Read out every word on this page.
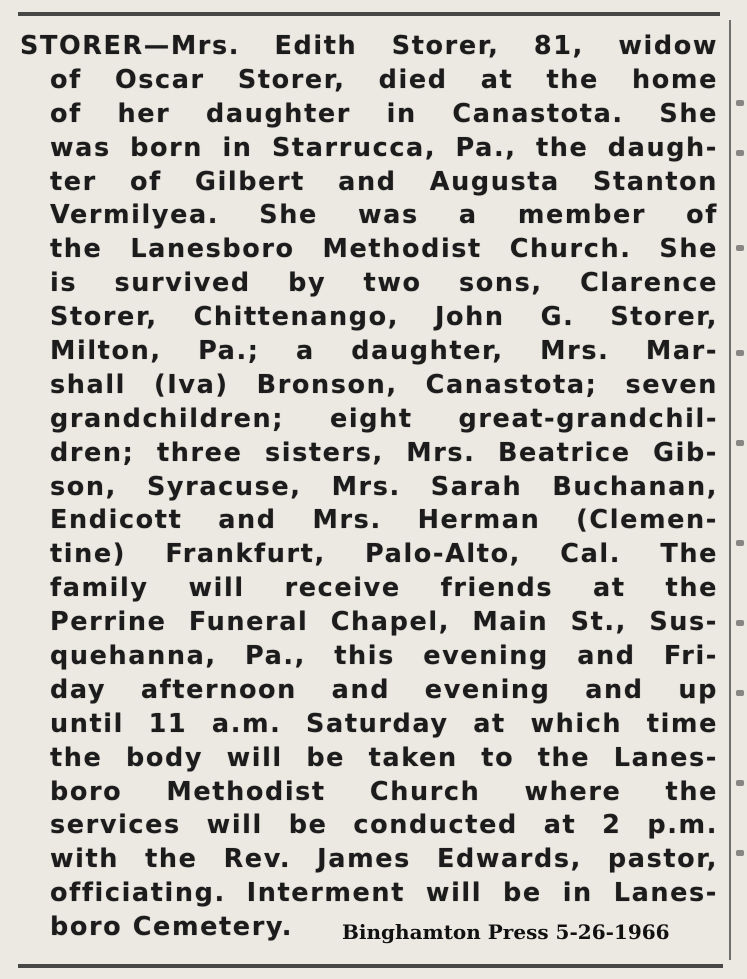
STORER—Mrs. Edith Storer, 81, widow
of Oscar Storer, died at the home
of her daughter in Canastota. She
was born in Starrucca, Pa., the daugh-
ter of Gilbert and Augusta Stanton
Vermilyea. She was a member of
the Lanesboro Methodist Church. She
is survived by two sons, Clarence
Storer, Chittenango, John G. Storer,
Milton, Pa.; a daughter, Mrs. Mar-
shall (Iva) Bronson, Canastota; seven
grandchildren; eight great-grandchil-
dren; three sisters, Mrs. Beatrice Gib-
son, Syracuse, Mrs. Sarah Buchanan,
Endicott and Mrs. Herman (Clemen-
tine) Frankfurt, Palo-Alto, Cal. The
family will receive friends at the
Perrine Funeral Chapel, Main St., Sus-
quehanna, Pa., this evening and Fri-
day afternoon and evening and up
until 11 a.m. Saturday at which time
the body will be taken to the Lanes-
boro Methodist Church where the
services will be conducted at 2 p.m.
with the Rev. James Edwards, pastor,
officiating. Interment will be in Lanes-
boro Cemetery.	Binghamton Press 5-26-1966
